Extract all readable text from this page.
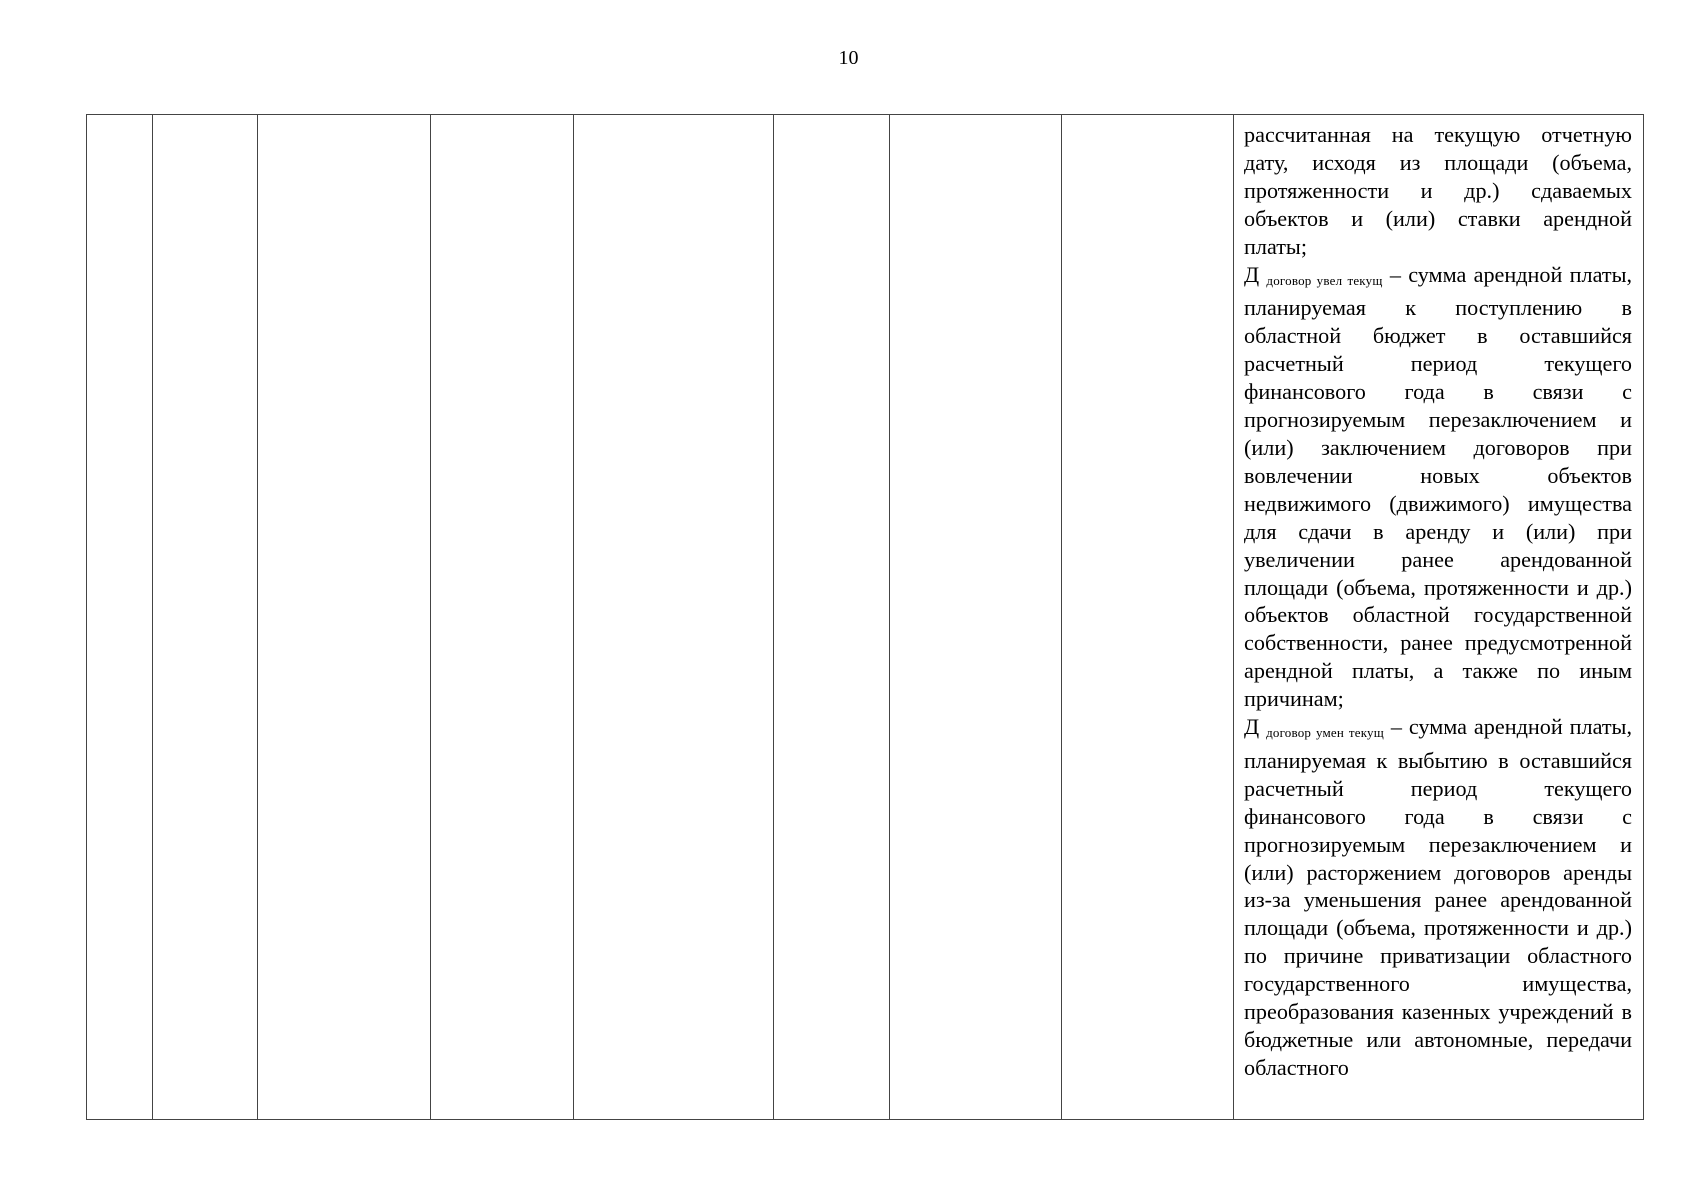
10

рассчитанная на текущую отчетную дату, исходя из площади (объема, протяженности и др.) сдаваемых объектов и (или) ставки арендной платы;

Д $_{договор увел текущ}$ – сумма арендной платы, планируемая к поступлению в областной бюджет в оставшийся расчетный период текущего финансового года в связи с прогнозируемым перезаключением и (или) заключением договоров при вовлечении новых объектов недвижимого (движимого) имущества для сдачи в аренду и (или) при увеличении ранее арендованной площади (объема, протяженности и др.) объектов областной государственной собственности, ранее предусмотренной арендной платы, а также по иным причинам;

Д $_{договор умен текущ}$ – сумма арендной платы, планируемая к выбытию в оставшийся расчетный период текущего финансового года в связи с прогнозируемым перезаключением и (или) расторжением договоров аренды из-за уменьшения ранее арендованной площади (объема, протяженности и др.) по причине приватизации областного государственного имущества, преобразования казенных учреждений в бюджетные или автономные, передачи областного
